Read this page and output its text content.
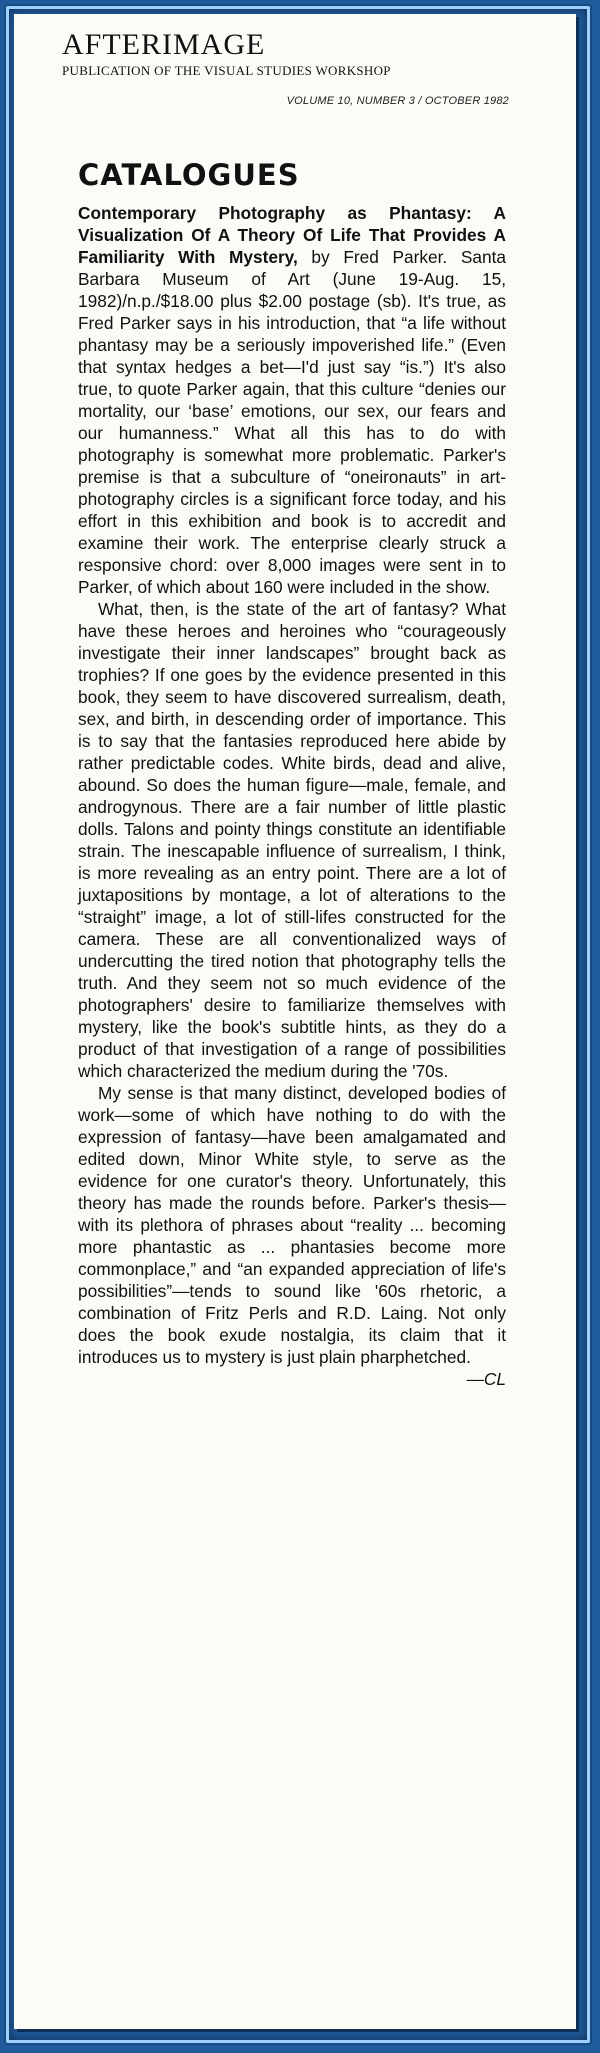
AFTERIMAGE
PUBLICATION OF THE VISUAL STUDIES WORKSHOP
VOLUME 10, NUMBER 3 / OCTOBER 1982
CATALOGUES

Contemporary Photography as Phantasy: A Visualization Of A Theory Of Life That Provides A Familiarity With Mystery, by Fred Parker. Santa Barbara Museum of Art (June 19-Aug. 15, 1982)/n.p./$18.00 plus $2.00 postage (sb). It's true, as Fred Parker says in his introduction, that “a life without phantasy may be a seriously impoverished life.” (Even that syntax hedges a bet—I'd just say “is.”) It's also true, to quote Parker again, that this culture “denies our mortality, our ‘base’ emotions, our sex, our fears and our humanness.” What all this has to do with photography is somewhat more problematic. Parker's premise is that a subculture of “oneironauts” in art-photography circles is a significant force today, and his effort in this exhibition and book is to accredit and examine their work. The enterprise clearly struck a responsive chord: over 8,000 images were sent in to Parker, of which about 160 were included in the show.

What, then, is the state of the art of fantasy? What have these heroes and heroines who “courageously investigate their inner landscapes” brought back as trophies? If one goes by the evidence presented in this book, they seem to have discovered surrealism, death, sex, and birth, in descending order of importance. This is to say that the fantasies reproduced here abide by rather predictable codes. White birds, dead and alive, abound. So does the human figure—male, female, and androgynous. There are a fair number of little plastic dolls. Talons and pointy things constitute an identifiable strain. The inescapable influence of surrealism, I think, is more revealing as an entry point. There are a lot of juxtapositions by montage, a lot of alterations to the “straight” image, a lot of still-lifes constructed for the camera. These are all conventionalized ways of undercutting the tired notion that photography tells the truth. And they seem not so much evidence of the photographers' desire to familiarize themselves with mystery, like the book's subtitle hints, as they do a product of that investigation of a range of possibilities which characterized the medium during the '70s.

My sense is that many distinct, developed bodies of work—some of which have nothing to do with the expression of fantasy—have been amalgamated and edited down, Minor White style, to serve as the evidence for one curator's theory. Unfortunately, this theory has made the rounds before. Parker's thesis—with its plethora of phrases about “reality ... becoming more phantastic as ... phantasies become more commonplace,” and “an expanded appreciation of life's possibilities”—tends to sound like '60s rhetoric, a combination of Fritz Perls and R.D. Laing. Not only does the book exude nostalgia, its claim that it introduces us to mystery is just plain pharphetched.
—CL
